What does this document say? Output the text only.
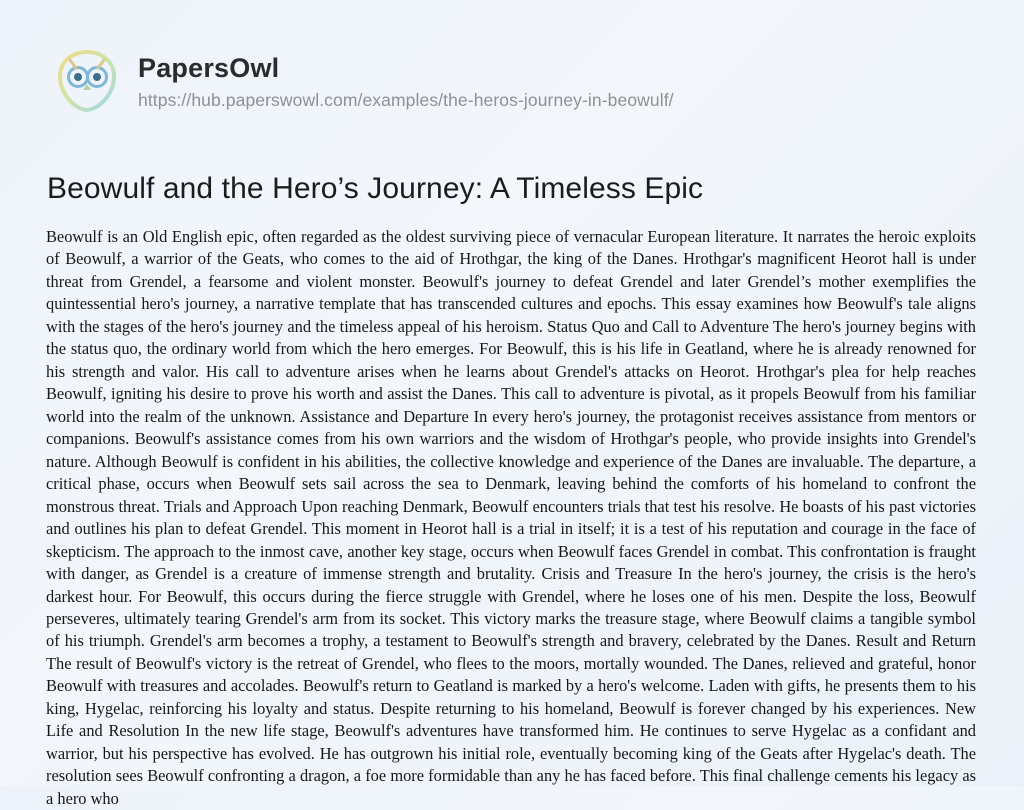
PapersOwl
https://hub.paperswowl.com/examples/the-heros-journey-in-beowulf/
Beowulf and the Hero’s Journey: A Timeless Epic
Beowulf is an Old English epic, often regarded as the oldest surviving piece of vernacular European literature. It narrates the heroic exploits of Beowulf, a warrior of the Geats, who comes to the aid of Hrothgar, the king of the Danes. Hrothgar's magnificent Heorot hall is under threat from Grendel, a fearsome and violent monster. Beowulf's journey to defeat Grendel and later Grendel’s mother exemplifies the quintessential hero's journey, a narrative template that has transcended cultures and epochs. This essay examines how Beowulf's tale aligns with the stages of the hero's journey and the timeless appeal of his heroism. Status Quo and Call to Adventure The hero's journey begins with the status quo, the ordinary world from which the hero emerges. For Beowulf, this is his life in Geatland, where he is already renowned for his strength and valor. His call to adventure arises when he learns about Grendel's attacks on Heorot. Hrothgar's plea for help reaches Beowulf, igniting his desire to prove his worth and assist the Danes. This call to adventure is pivotal, as it propels Beowulf from his familiar world into the realm of the unknown. Assistance and Departure In every hero's journey, the protagonist receives assistance from mentors or companions. Beowulf's assistance comes from his own warriors and the wisdom of Hrothgar's people, who provide insights into Grendel's nature. Although Beowulf is confident in his abilities, the collective knowledge and experience of the Danes are invaluable. The departure, a critical phase, occurs when Beowulf sets sail across the sea to Denmark, leaving behind the comforts of his homeland to confront the monstrous threat. Trials and Approach Upon reaching Denmark, Beowulf encounters trials that test his resolve. He boasts of his past victories and outlines his plan to defeat Grendel. This moment in Heorot hall is a trial in itself; it is a test of his reputation and courage in the face of skepticism. The approach to the inmost cave, another key stage, occurs when Beowulf faces Grendel in combat. This confrontation is fraught with danger, as Grendel is a creature of immense strength and brutality. Crisis and Treasure In the hero's journey, the crisis is the hero's darkest hour. For Beowulf, this occurs during the fierce struggle with Grendel, where he loses one of his men. Despite the loss, Beowulf perseveres, ultimately tearing Grendel's arm from its socket. This victory marks the treasure stage, where Beowulf claims a tangible symbol of his triumph. Grendel's arm becomes a trophy, a testament to Beowulf's strength and bravery, celebrated by the Danes. Result and Return The result of Beowulf's victory is the retreat of Grendel, who flees to the moors, mortally wounded. The Danes, relieved and grateful, honor Beowulf with treasures and accolades. Beowulf's return to Geatland is marked by a hero's welcome. Laden with gifts, he presents them to his king, Hygelac, reinforcing his loyalty and status. Despite returning to his homeland, Beowulf is forever changed by his experiences. New Life and Resolution In the new life stage, Beowulf's adventures have transformed him. He continues to serve Hygelac as a confidant and warrior, but his perspective has evolved. He has outgrown his initial role, eventually becoming king of the Geats after Hygelac's death. The resolution sees Beowulf confronting a dragon, a foe more formidable than any he has faced before. This final challenge cements his legacy as a hero who
